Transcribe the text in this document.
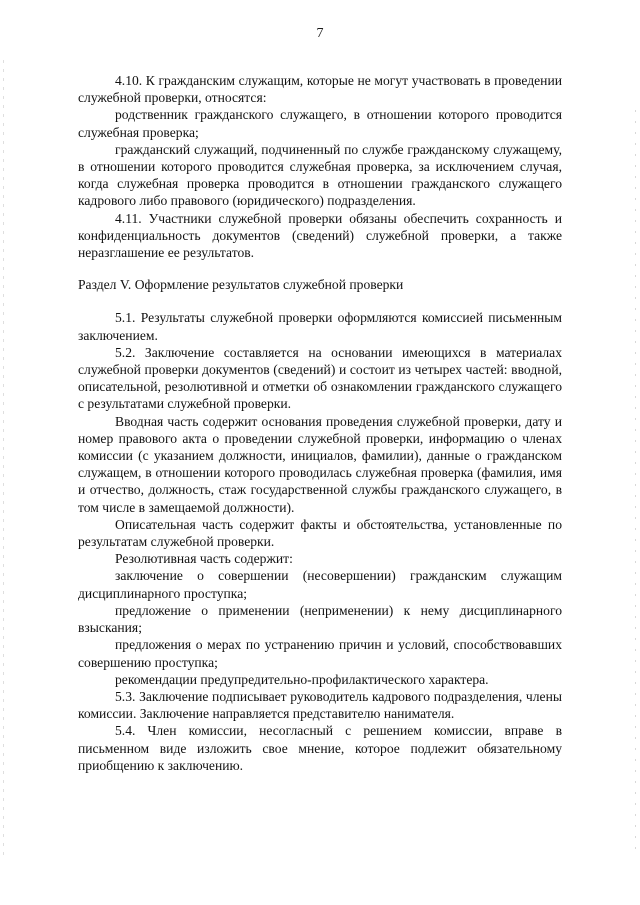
7

4.10. К гражданским служащим, которые не могут участвовать в проведении служебной проверки, относятся:

родственник гражданского служащего, в отношении которого проводится служебная проверка;

гражданский служащий, подчиненный по службе гражданскому служащему, в отношении которого проводится служебная проверка, за исключением случая, когда служебная проверка проводится в отношении гражданского служащего кадрового либо правового (юридического) подразделения.

4.11. Участники служебной проверки обязаны обеспечить сохранность и конфиденциальность документов (сведений) служебной проверки, а также неразглашение ее результатов.

Раздел V. Оформление результатов служебной проверки

5.1. Результаты служебной проверки оформляются комиссией письменным заключением.

5.2. Заключение составляется на основании имеющихся в материалах служебной проверки документов (сведений) и состоит из четырех частей: вводной, описательной, резолютивной и отметки об ознакомлении гражданского служащего с результатами служебной проверки.

Вводная часть содержит основания проведения служебной проверки, дату и номер правового акта о проведении служебной проверки, информацию о членах комиссии (с указанием должности, инициалов, фамилии), данные о гражданском служащем, в отношении которого проводилась служебная проверка (фамилия, имя и отчество, должность, стаж государственной службы гражданского служащего, в том числе в замещаемой должности).

Описательная часть содержит факты и обстоятельства, установленные по результатам служебной проверки.

Резолютивная часть содержит:

заключение о совершении (несовершении) гражданским служащим дисциплинарного проступка;

предложение о применении (неприменении) к нему дисциплинарного взыскания;

предложения о мерах по устранению причин и условий, способствовавших совершению проступка;

рекомендации предупредительно-профилактического характера.

5.3. Заключение подписывает руководитель кадрового подразделения, члены комиссии. Заключение направляется представителю нанимателя.

5.4. Член комиссии, несогласный с решением комиссии, вправе в письменном виде изложить свое мнение, которое подлежит обязательному приобщению к заключению.
